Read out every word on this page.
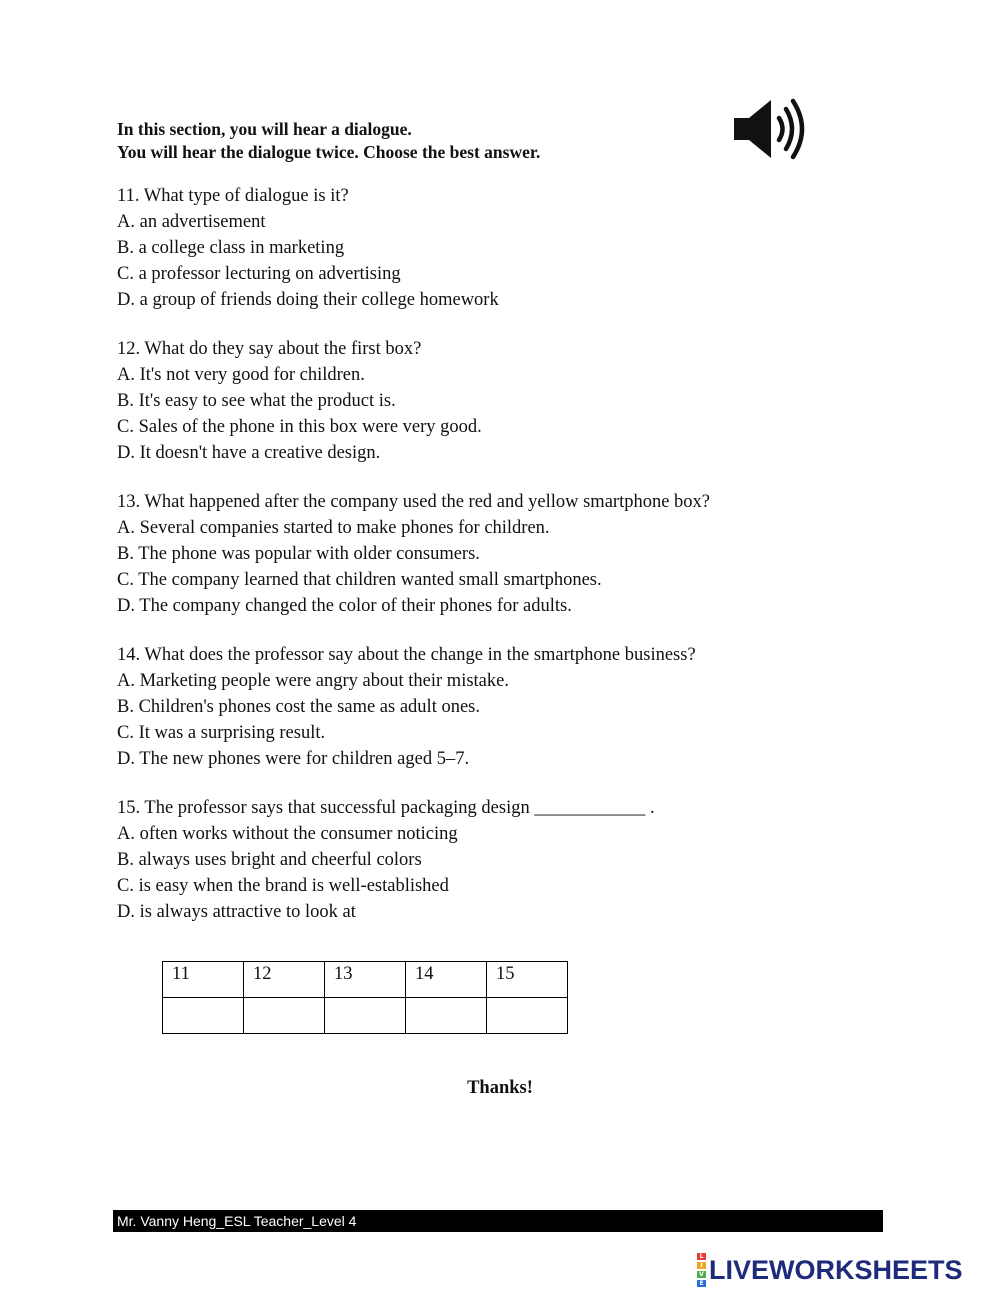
In this section, you will hear a dialogue.
You will hear the dialogue twice. Choose the best answer.
11. What type of dialogue is it?
A. an advertisement
B. a college class in marketing
C. a professor lecturing on advertising
D. a group of friends doing their college homework
12. What do they say about the first box?
A. It's not very good for children.
B. It's easy to see what the product is.
C. Sales of the phone in this box were very good.
D. It doesn't have a creative design.
13. What happened after the company used the red and yellow smartphone box?
A. Several companies started to make phones for children.
B. The phone was popular with older consumers.
C. The company learned that children wanted small smartphones.
D. The company changed the color of their phones for adults.
14. What does the professor say about the change in the smartphone business?
A. Marketing people were angry about their mistake.
B. Children's phones cost the same as adult ones.
C. It was a surprising result.
D. The new phones were for children aged 5–7.
15. The professor says that successful packaging design ____________ .
A. often works without the consumer noticing
B. always uses bright and cheerful colors
C. is easy when the brand is well-established
D. is always attractive to look at
11	12	13	14	15

Thanks!
Mr. Vanny Heng_ESL Teacher_Level 4
L
I
V
E LIVEWORKSHEETS
